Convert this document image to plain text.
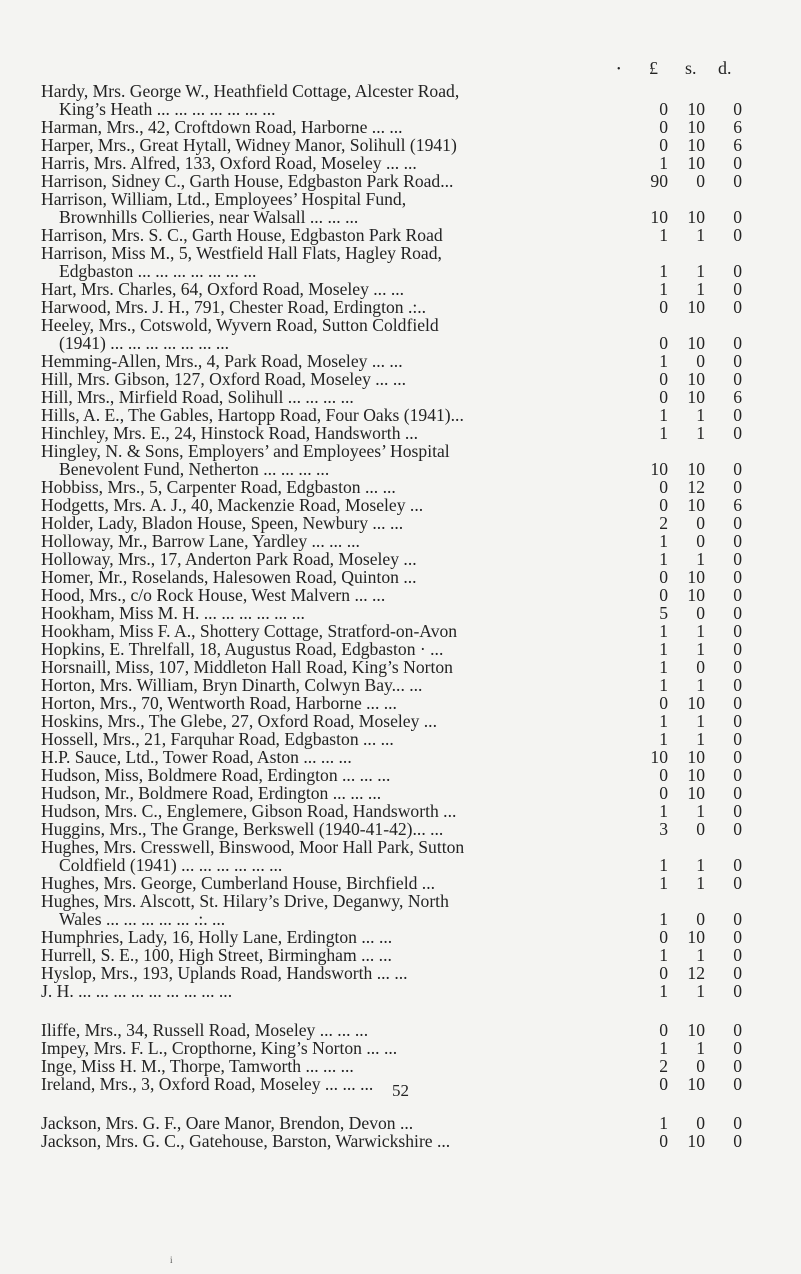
• £ s. d.
Hardy, Mrs. George W., Heathfield Cottage, Alcester Road,
King’s Heath ... ... ... ... ... ... ...	0	10	0
Harman, Mrs., 42, Croftdown Road, Harborne ... ...	0	10	6
Harper, Mrs., Great Hytall, Widney Manor, Solihull (1941)	0	10	6
Harris, Mrs. Alfred, 133, Oxford Road, Moseley ... ...	1	10	0
Harrison, Sidney C., Garth House, Edgbaston Park Road...	90	0	0
Harrison, William, Ltd., Employees’ Hospital Fund,
Brownhills Collieries, near Walsall ... ... ...	10	10	0
Harrison, Mrs. S. C., Garth House, Edgbaston Park Road	1	1	0
Harrison, Miss M., 5, Westfield Hall Flats, Hagley Road,
Edgbaston ... ... ... ... ... ... ...	1	1	0
Hart, Mrs. Charles, 64, Oxford Road, Moseley ... ...	1	1	0
Harwood, Mrs. J. H., 791, Chester Road, Erdington .:..	0	10	0
Heeley, Mrs., Cotswold, Wyvern Road, Sutton Coldfield
(1941) ... ... ... ... ... ... ...	0	10	0
Hemming-Allen, Mrs., 4, Park Road, Moseley ... ...	1	0	0
Hill, Mrs. Gibson, 127, Oxford Road, Moseley ... ...	0	10	0
Hill, Mrs., Mirfield Road, Solihull ... ... ... ...	0	10	6
Hills, A. E., The Gables, Hartopp Road, Four Oaks (1941)...	1	1	0
Hinchley, Mrs. E., 24, Hinstock Road, Handsworth ...	1	1	0
Hingley, N. & Sons, Employers’ and Employees’ Hospital
Benevolent Fund, Netherton ... ... ... ...	10	10	0
Hobbiss, Mrs., 5, Carpenter Road, Edgbaston ... ...	0	12	0
Hodgetts, Mrs. A. J., 40, Mackenzie Road, Moseley ...	0	10	6
Holder, Lady, Bladon House, Speen, Newbury ... ...	2	0	0
Holloway, Mr., Barrow Lane, Yardley ... ... ...	1	0	0
Holloway, Mrs., 17, Anderton Park Road, Moseley ...	1	1	0
Homer, Mr., Roselands, Halesowen Road, Quinton ...	0	10	0
Hood, Mrs., c/o Rock House, West Malvern ... ...	0	10	0
Hookham, Miss M. H. ... ... ... ... ... ...	5	0	0
Hookham, Miss F. A., Shottery Cottage, Stratford-on-Avon	1	1	0
Hopkins, E. Threlfall, 18, Augustus Road, Edgbaston · ...	1	1	0
Horsnaill, Miss, 107, Middleton Hall Road, King’s Norton	1	0	0
Horton, Mrs. William, Bryn Dinarth, Colwyn Bay... ...	1	1	0
Horton, Mrs., 70, Wentworth Road, Harborne ... ...	0	10	0
Hoskins, Mrs., The Glebe, 27, Oxford Road, Moseley ...	1	1	0
Hossell, Mrs., 21, Farquhar Road, Edgbaston ... ...	1	1	0
H.P. Sauce, Ltd., Tower Road, Aston ... ... ...	10	10	0
Hudson, Miss, Boldmere Road, Erdington ... ... ...	0	10	0
Hudson, Mr., Boldmere Road, Erdington ... ... ...	0	10	0
Hudson, Mrs. C., Englemere, Gibson Road, Handsworth ...	1	1	0
Huggins, Mrs., The Grange, Berkswell (1940-41-42)... ...	3	0	0
Hughes, Mrs. Cresswell, Binswood, Moor Hall Park, Sutton
Coldfield (1941) ... ... ... ... ... ...	1	1	0
Hughes, Mrs. George, Cumberland House, Birchfield ...	1	1	0
Hughes, Mrs. Alscott, St. Hilary’s Drive, Deganwy, North
Wales ... ... ... ... ... .:. ...	1	0	0
Humphries, Lady, 16, Holly Lane, Erdington ... ...	0	10	0
Hurrell, S. E., 100, High Street, Birmingham ... ...	1	1	0
Hyslop, Mrs., 193, Uplands Road, Handsworth ... ...	0	12	0
J. H. ... ... ... ... ... ... ... ... ...	1	1	0
Iliffe, Mrs., 34, Russell Road, Moseley ... ... ...	0	10	0
Impey, Mrs. F. L., Cropthorne, King’s Norton ... ...	1	1	0
Inge, Miss H. M., Thorpe, Tamworth ... ... ...	2	0	0
Ireland, Mrs., 3, Oxford Road, Moseley ... ... ...	0	10	0
Jackson, Mrs. G. F., Oare Manor, Brendon, Devon ...	1	0	0
Jackson, Mrs. G. C., Gatehouse, Barston, Warwickshire ...	0	10	0
52
i
